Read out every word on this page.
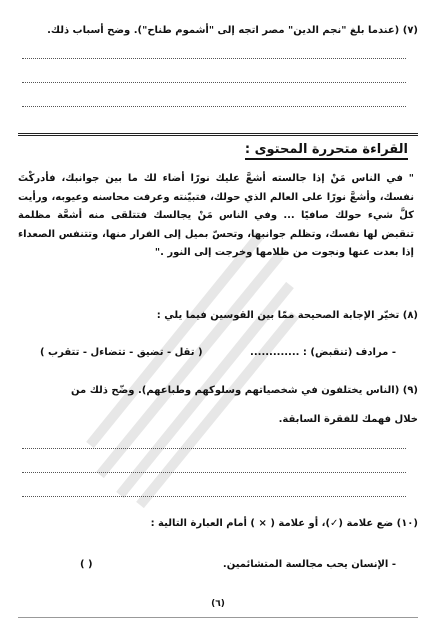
(٧) (عندما بلغ "نجم الدين" مصر اتجه إلى "أشموم طناح"). وضح أسباب ذلك.
القراءة متحررة المحتوى :
" في الناس مَنْ إذا جالسته أشعَّ عليك نورًا أضاء لك ما بين جوانبك، فأدركْتَ نفسك، وأشعَّ نورًا على العالم الذي حولك، فتبيّنته وعرفت محاسنه وعيوبه، ورأيت كلَّ شيء حولك صافيًا ... وفي الناس مَنْ يجالسك فتتلقى منه أشعَّة مظلمة تنقبض لها نفسك، وتظلم جوانبها، وتحسّ بميل إلى الفرار منها، وتتنفس الصعداء إذا بعدت عنها ونجوت من ظلامها وخرجت إلى النور ."
(٨) تخيّر الإجابة الصحيحة ممّا بين القوسين فيما يلي :
- مرادف (تنقبض) : .............
( تقل - تضيق - تتضاءل - تتقرب )
(٩) (الناس يختلفون في شخصياتهم وسلوكهم وطباعهم). وضّح ذلك من
خلال فهمك للفقرة السابقة.
(١٠) ضع علامة (✓)، أو علامة ( × ) أمام العبارة التالية :
- الإنسان يحب مجالسة المتشائمين.
( )
(٦)
